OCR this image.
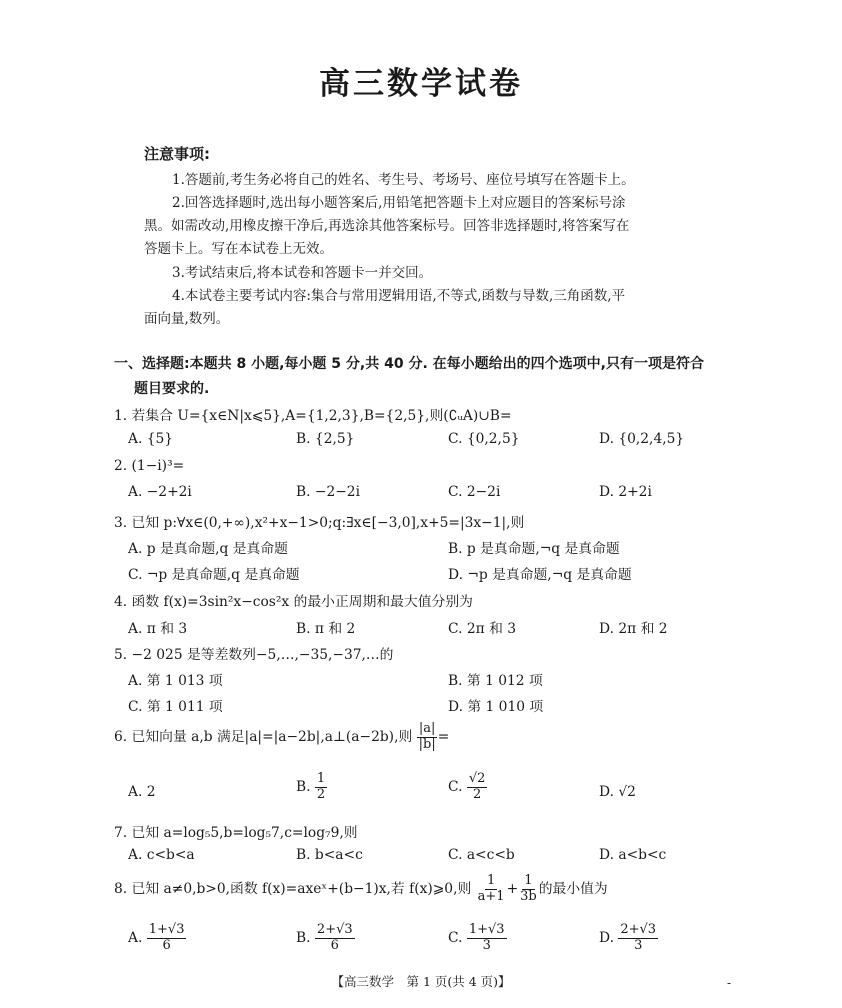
高三数学试卷
注意事项:
1.答题前,考生务必将自己的姓名、考生号、考场号、座位号填写在答题卡上。
2.回答选择题时,选出每小题答案后,用铅笔把答题卡上对应题目的答案标号涂
黑。如需改动,用橡皮擦干净后,再选涂其他答案标号。回答非选择题时,将答案写在
答题卡上。写在本试卷上无效。
3.考试结束后,将本试卷和答题卡一并交回。
4.本试卷主要考试内容:集合与常用逻辑用语,不等式,函数与导数,三角函数,平
面向量,数列。
一、选择题:本题共 8 小题,每小题 5 分,共 40 分. 在每小题给出的四个选项中,只有一项是符合
题目要求的.
1. 若集合 U={x∈N|x⩽5},A={1,2,3},B={2,5},则(∁ᵤA)∪B=
A. {5}	B. {2,5}	C. {0,2,5}	D. {0,2,4,5}
2. (1−i)³=
A. −2+2i	B. −2−2i	C. 2−2i	D. 2+2i
3. 已知 p:∀x∈(0,+∞),x²+x−1>0;q:∃x∈[−3,0],x+5=|3x−1|,则
A. p 是真命题,q 是真命题	B. p 是真命题,¬q 是真命题
C. ¬p 是真命题,q 是真命题	D. ¬p 是真命题,¬q 是真命题
4. 函数 f(x)=3sin²x−cos²x 的最小正周期和最大值分别为
A. π 和 3	B. π 和 2	C. 2π 和 3	D. 2π 和 2
5. −2 025 是等差数列−5,…,−35,−37,…的
A. 第 1 013 项	B. 第 1 012 项
C. 第 1 011 项	D. 第 1 010 项
6. 已知向量 a,b 满足|a|=|a−2b|,a⊥(a−2b),则 $\frac{|a|}{|b|}$ =
A. 2	B. $\frac{1}{2}$	C. $\frac{√2}{2}$	D. √2
7. 已知 a=log₅5,b=log₅7,c=log₇9,则
A. c<b<a	B. b<a<c	C. a<c<b	D. a<b<c
8. 已知 a≠0,b>0,函数 f(x)=axeˣ+(b−1)x,若 f(x)⩾0,则 $\frac{1}{a+1} + \frac{1}{3b}$ 的最小值为
A. $\frac{1+√3}{6}$	B. $\frac{2+√3}{6}$	C. $\frac{1+√3}{3}$	D. $\frac{2+√3}{3}$
【高三数学　第 1 页(共 4 页)】	-
